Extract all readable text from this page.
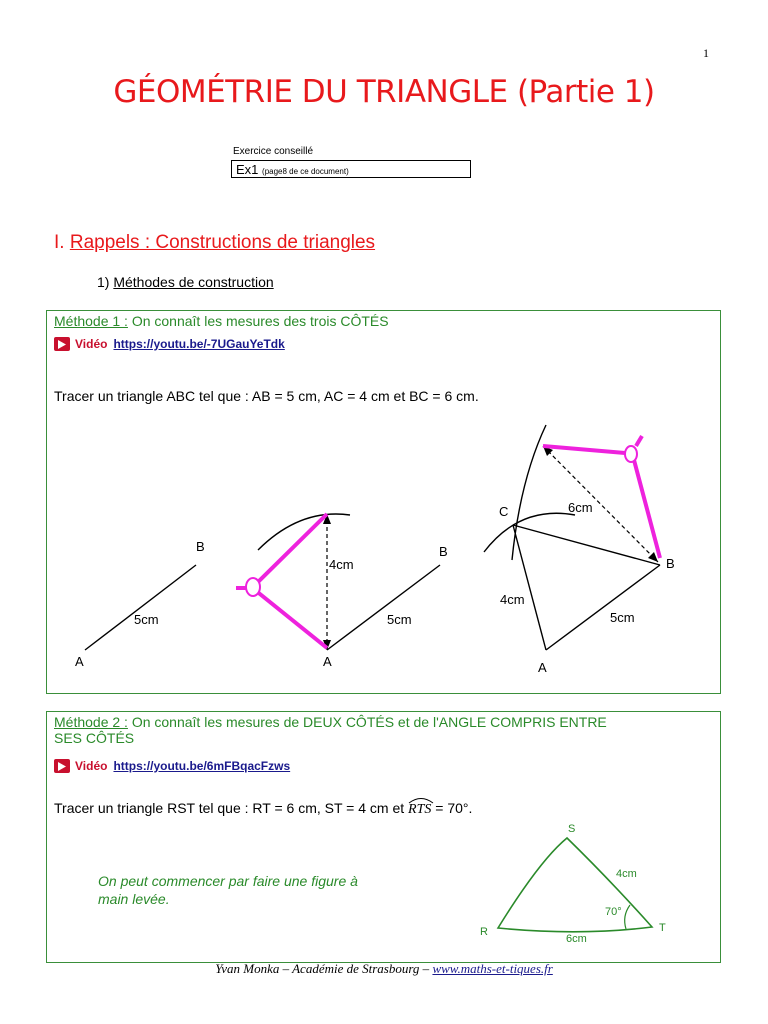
1
GÉOMÉTRIE DU TRIANGLE (Partie 1)
Exercice conseillé
Ex1 (page8 de ce document)
I. Rappels : Constructions de triangles
1) Méthodes de construction
Méthode 1 : On connaît les mesures des trois CÔTÉS
Vidéo https://youtu.be/-7UGauYeTdk
Tracer un triangle ABC tel que : AB = 5 cm, AC = 4 cm et BC = 6 cm.
A
B
5cm
A
B
5cm
4cm
A
B
C
5cm
4cm
6cm
Méthode 2 : On connaît les mesures de DEUX CÔTÉS et de l'ANGLE COMPRIS ENTRE
SES CÔTÉS
Vidéo https://youtu.be/6mFBqacFzws
Tracer un triangle RST tel que : RT = 6 cm, ST = 4 cm et RTS = 70°.
On peut commencer par faire une figure à
main levée.
S
R	T
4cm
6cm
70°
Yvan Monka – Académie de Strasbourg – www.maths-et-tiques.fr
